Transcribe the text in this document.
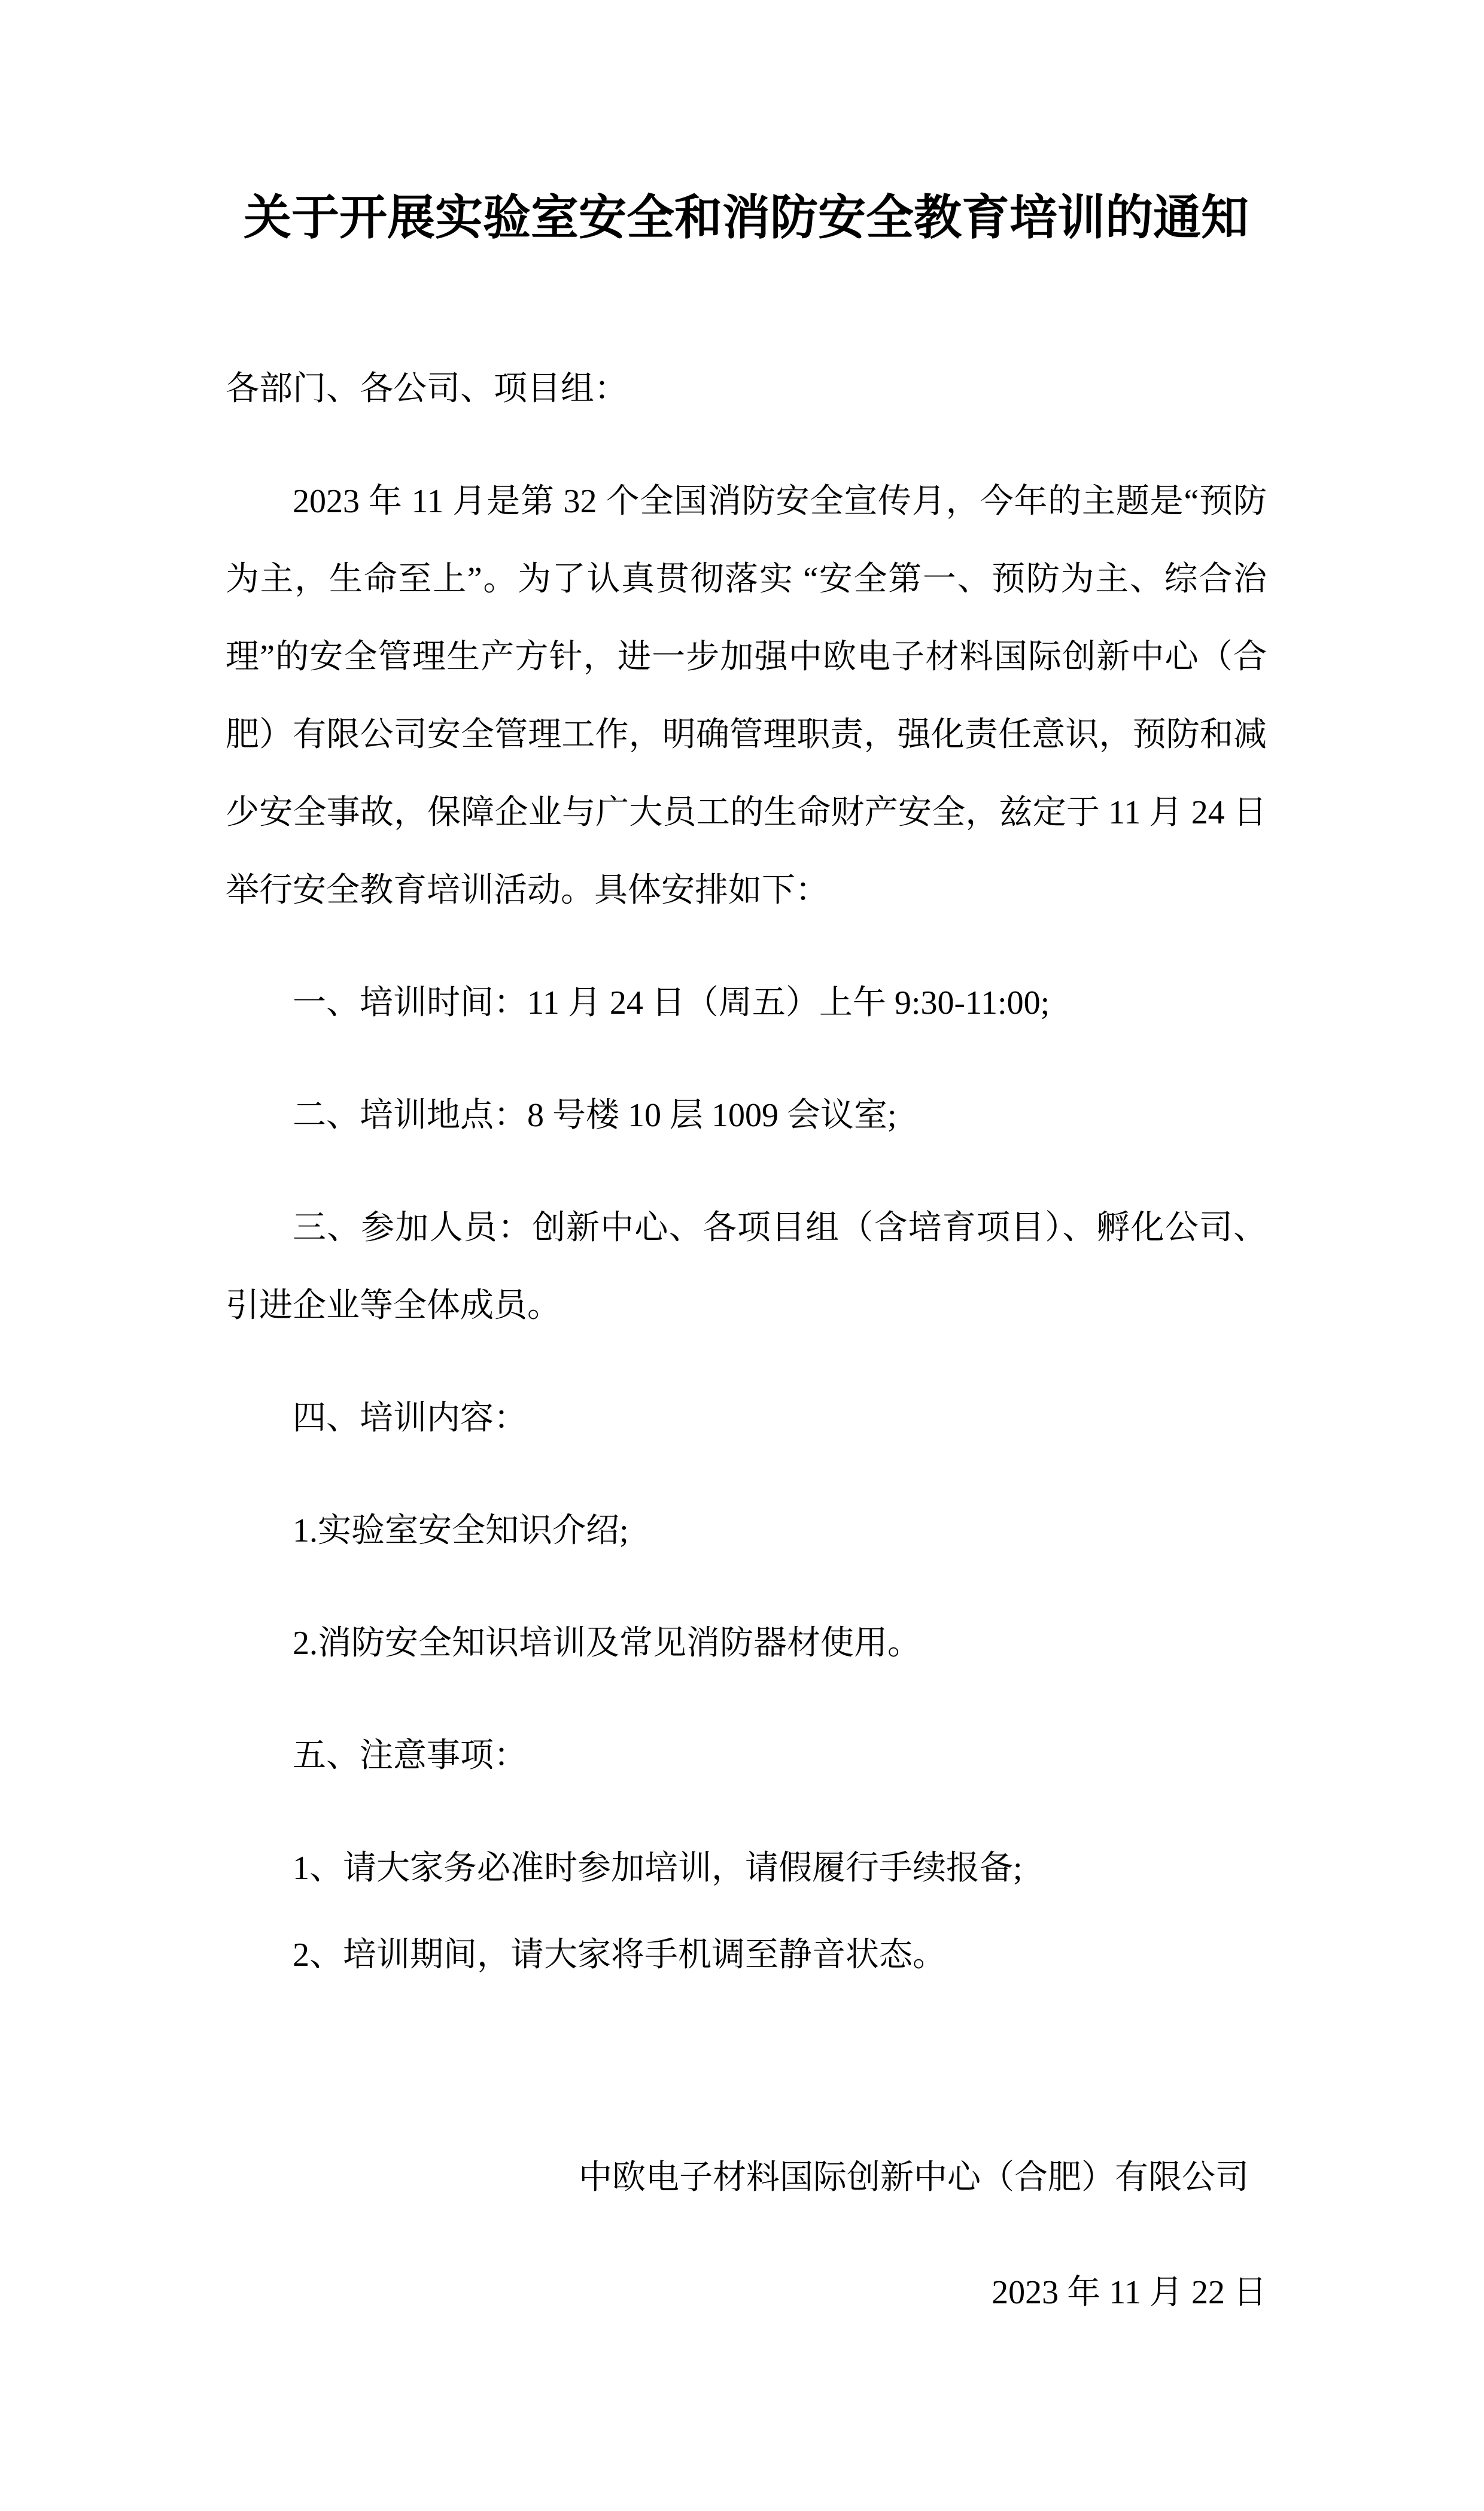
关于开展实验室安全和消防安全教育培训的通知

各部门、各公司、项目组：

2023 年 11 月是第 32 个全国消防安全宣传月，今年的主题是“预防为主，生命至上”。为了认真贯彻落实 “安全第一、预防为主、综合治理”的安全管理生产方针，进一步加强中欧电子材料国际创新中心（合肥）有限公司安全管理工作，明确管理职责，强化责任意识，预防和减少安全事故，保障企业与广大员工的生命财产安全，兹定于 11 月 24 日举行安全教育培训活动。具体安排如下：

一、培训时间：11 月 24 日（周五）上午 9:30-11:00;

二、培训地点：8 号楼 10 层 1009 会议室;

三、参加人员：创新中心、各项目组（含培育项目）、孵化公司、引进企业等全体成员。

四、培训内容：

1.实验室安全知识介绍;

2.消防安全知识培训及常见消防器材使用。

五、注意事项：

1、请大家务必准时参加培训，请假履行手续报备;

2、培训期间，请大家将手机调至静音状态。

中欧电子材料国际创新中心（合肥）有限公司

2023 年 11 月 22 日
